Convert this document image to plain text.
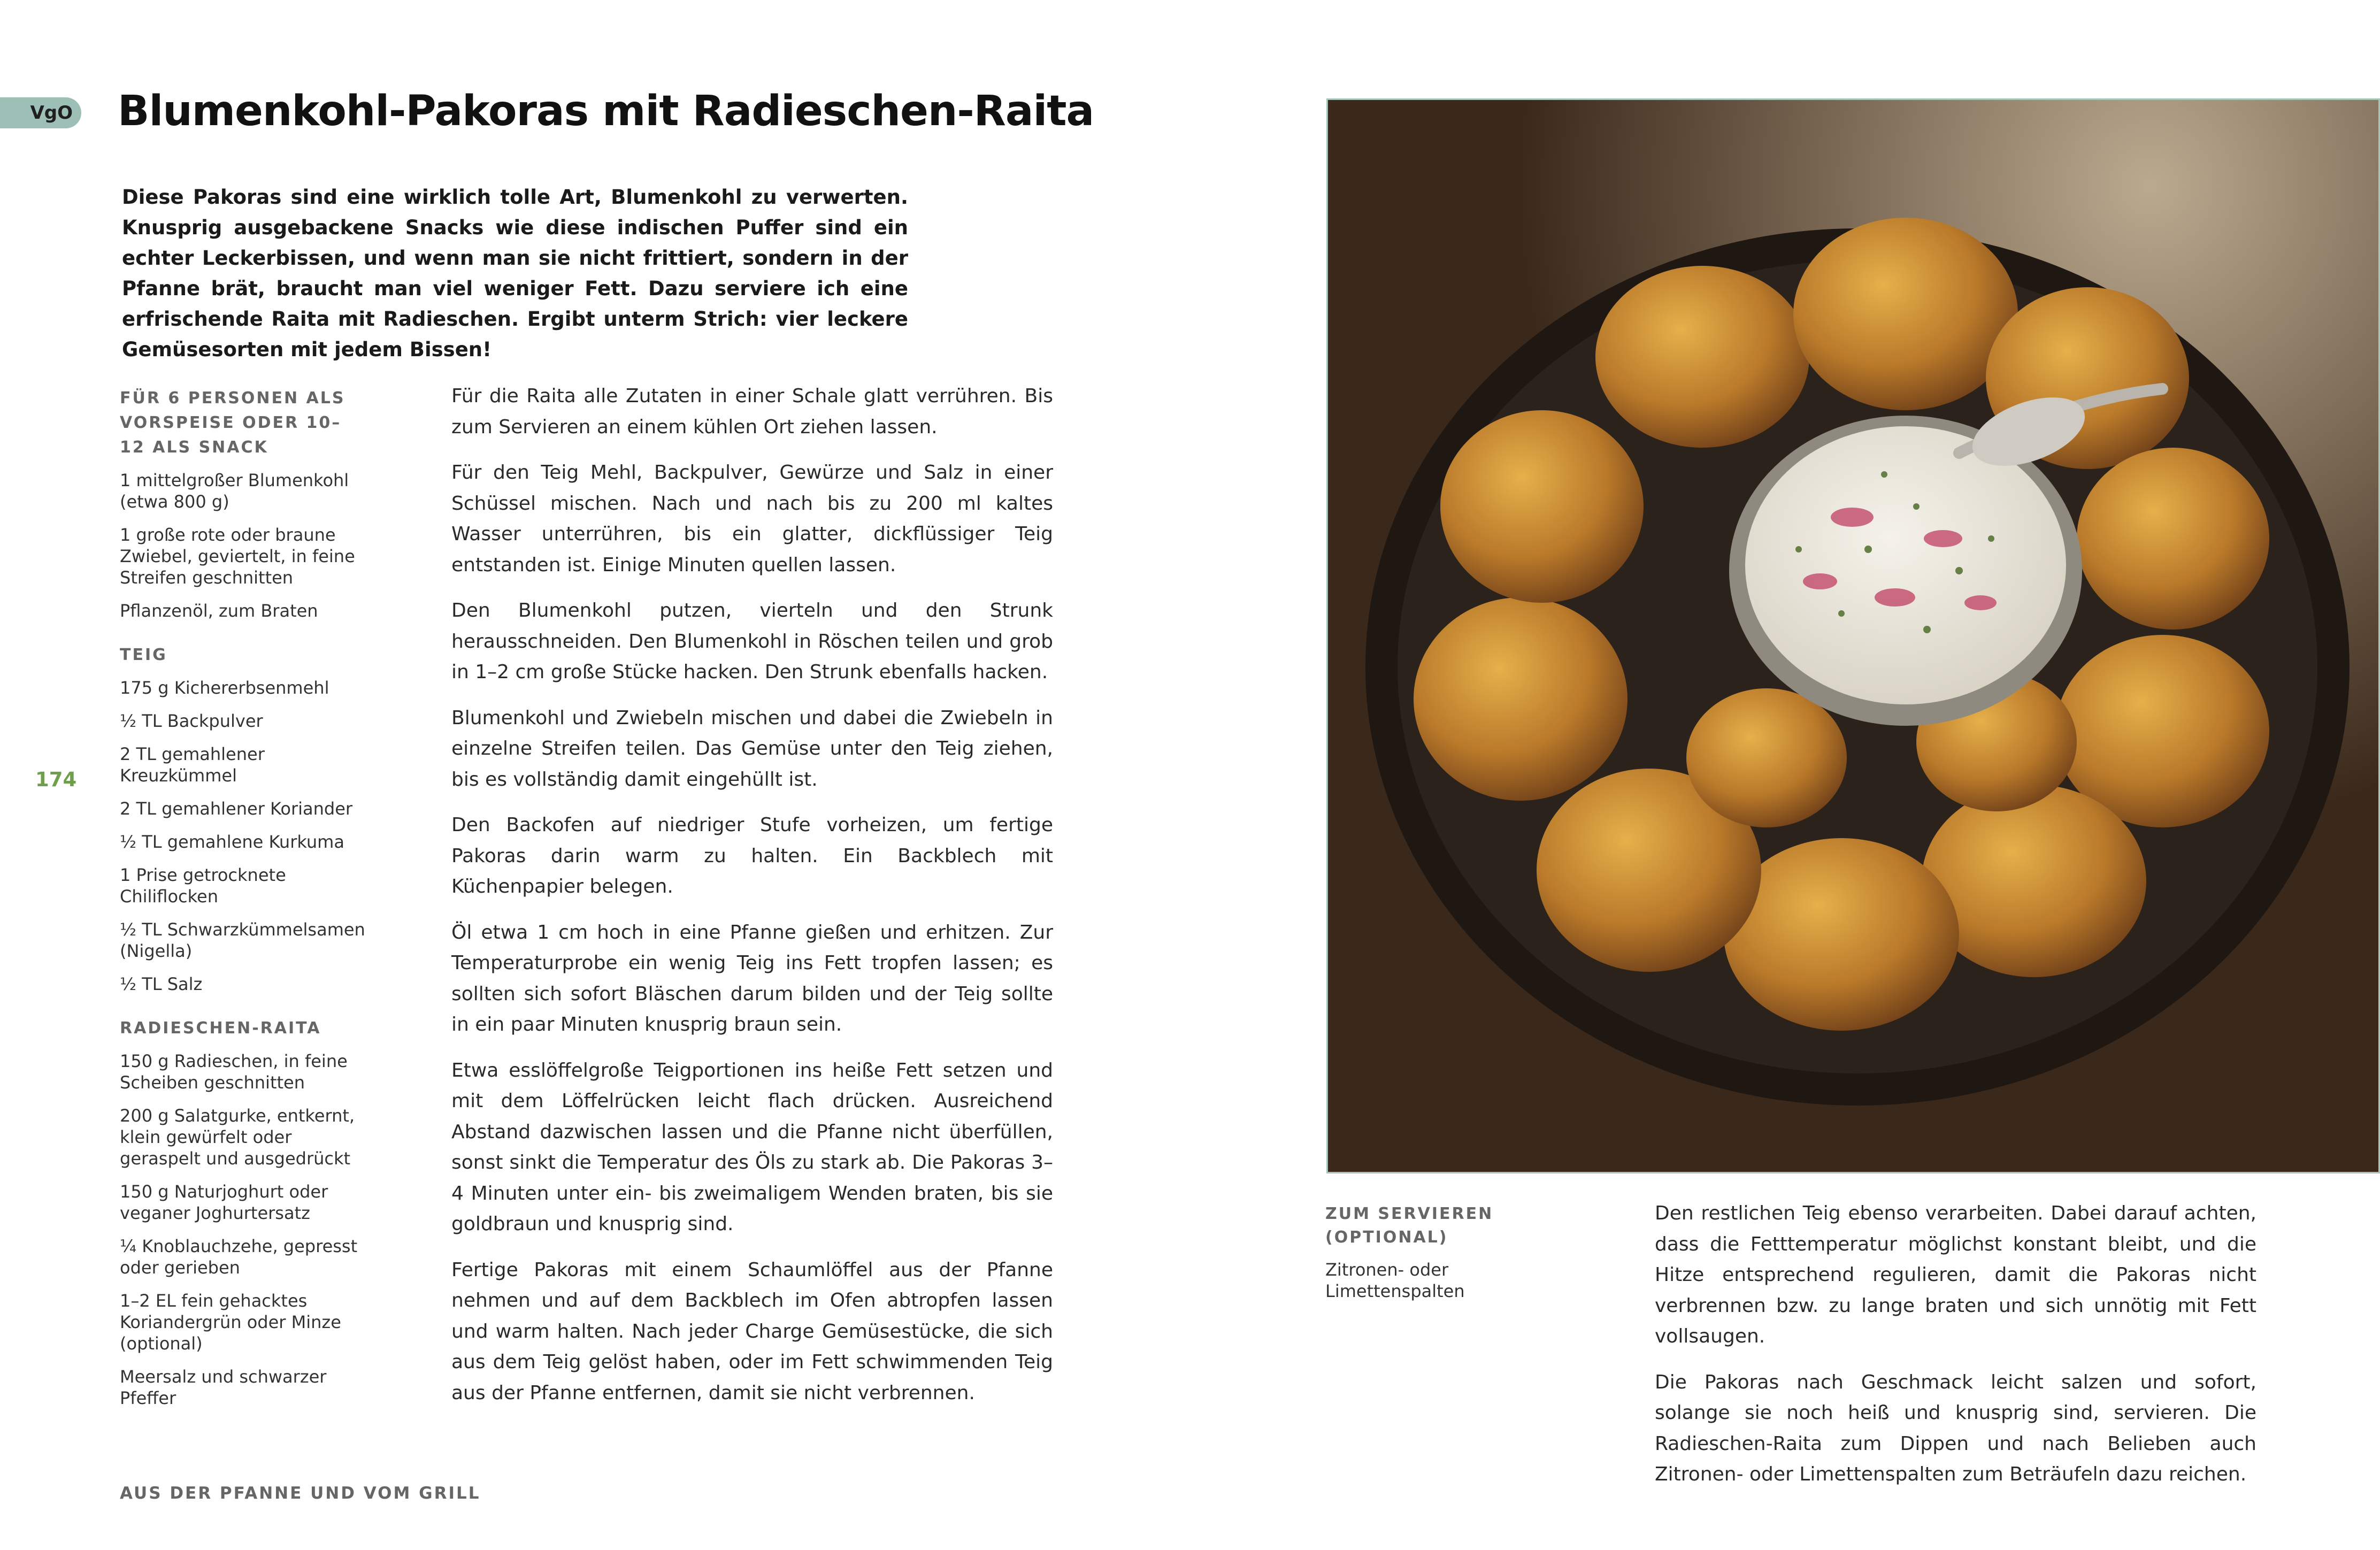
VgO Blumenkohl-Pakoras mit Radieschen-Raita
Diese Pakoras sind eine wirklich tolle Art, Blumenkohl zu verwerten. Knusprig ausgebackene Snacks wie diese indischen Puffer sind ein echter Leckerbissen, und wenn man sie nicht frittiert, sondern in der Pfanne brät, braucht man viel weniger Fett. Dazu serviere ich eine erfrischende Raita mit Radieschen. Ergibt unterm Strich: vier leckere Gemüsesorten mit jedem Bissen!
FÜR 6 PERSONEN ALS VORSPEISE ODER 10–12 ALS SNACK
1 mittelgroßer Blumenkohl (etwa 800 g)
1 große rote oder braune Zwiebel, geviertelt, in feine Streifen geschnitten
Pflanzenöl, zum Braten
TEIG
175 g Kichererbsenmehl
½ TL Backpulver
2 TL gemahlener Kreuzkümmel
2 TL gemahlener Koriander
½ TL gemahlene Kurkuma
1 Prise getrocknete Chiliflocken
½ TL Schwarzkümmelsamen (Nigella)
½ TL Salz
RADIESCHEN-RAITA
150 g Radieschen, in feine Scheiben geschnitten
200 g Salatgurke, entkernt, klein gewürfelt oder geraspelt und ausgedrückt
150 g Naturjoghurt oder veganer Joghurtersatz
¼ Knoblauchzehe, gepresst oder gerieben
1–2 EL fein gehacktes Koriandergrün oder Minze (optional)
Meersalz und schwarzer Pfeffer

Für die Raita alle Zutaten in einer Schale glatt verrühren. Bis zum Servieren an einem kühlen Ort ziehen lassen.

Für den Teig Mehl, Backpulver, Gewürze und Salz in einer Schüssel mischen. Nach und nach bis zu 200 ml kaltes Wasser unterrühren, bis ein glatter, dickflüssiger Teig entstanden ist. Einige Minuten quellen lassen.

Den Blumenkohl putzen, vierteln und den Strunk herausschneiden. Den Blumenkohl in Röschen teilen und grob in 1–2 cm große Stücke hacken. Den Strunk ebenfalls hacken.

Blumenkohl und Zwiebeln mischen und dabei die Zwiebeln in einzelne Streifen teilen. Das Gemüse unter den Teig ziehen, bis es vollständig damit eingehüllt ist.

Den Backofen auf niedriger Stufe vorheizen, um fertige Pakoras darin warm zu halten. Ein Backblech mit Küchenpapier belegen.

Öl etwa 1 cm hoch in eine Pfanne gießen und erhitzen. Zur Temperaturprobe ein wenig Teig ins Fett tropfen lassen; es sollten sich sofort Bläschen darum bilden und der Teig sollte in ein paar Minuten knusprig braun sein.

Etwa esslöffelgroße Teigportionen ins heiße Fett setzen und mit dem Löffelrücken leicht flach drücken. Ausreichend Abstand dazwischen lassen und die Pfanne nicht überfüllen, sonst sinkt die Temperatur des Öls zu stark ab. Die Pakoras 3–4 Minuten unter ein- bis zweimaligem Wenden braten, bis sie goldbraun und knusprig sind.

Fertige Pakoras mit einem Schaumlöffel aus der Pfanne nehmen und auf dem Backblech im Ofen abtropfen lassen und warm halten. Nach jeder Charge Gemüsestücke, die sich aus dem Teig gelöst haben, oder im Fett schwimmenden Teig aus der Pfanne entfernen, damit sie nicht verbrennen.

174
AUS DER PFANNE UND VOM GRILL
ZUM SERVIEREN (OPTIONAL)

Zitronen- oder Limettenspalten

Den restlichen Teig ebenso verarbeiten. Dabei darauf achten, dass die Fetttemperatur möglichst konstant bleibt, und die Hitze entsprechend regulieren, damit die Pakoras nicht verbrennen bzw. zu lange braten und sich unnötig mit Fett vollsaugen.

Die Pakoras nach Geschmack leicht salzen und sofort, solange sie noch heiß und knusprig sind, servieren. Die Radieschen-Raita zum Dippen und nach Belieben auch Zitronen- oder Limettenspalten zum Beträufeln dazu reichen.
